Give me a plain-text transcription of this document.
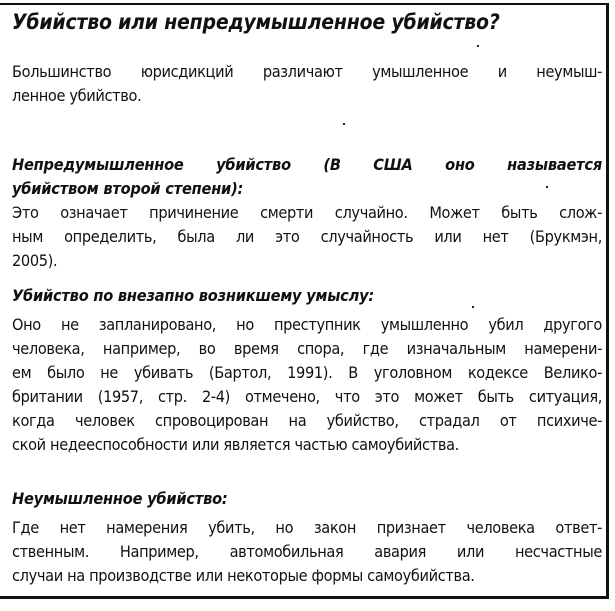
Убийство или непредумышленное убийство?
Большинство юрисдикций различают умышленное и неумыш-
ленное убийство.
Непредумышленное убийство (В США оно называется
убийством второй степени):
Это означает причинение смерти случайно. Может быть слож-
ным определить, была ли это случайность или нет (Брукмэн,
2005).
Убийство по внезапно возникшему умыслу:
Оно не запланировано, но преступник умышленно убил другого
человека, например, во время спора, где изначальным намерени-
ем было не убивать (Бартол, 1991). В уголовном кодексе Велико-
британии (1957, стр. 2-4) отмечено, что это может быть ситуация,
когда человек спровоцирован на убийство, страдал от психиче-
ской недееспособности или является частью самоубийства.
Неумышленное убийство:
Где нет намерения убить, но закон признает человека ответ-
ственным. Например, автомобильная авария или несчастные
случаи на производстве или некоторые формы самоубийства.
